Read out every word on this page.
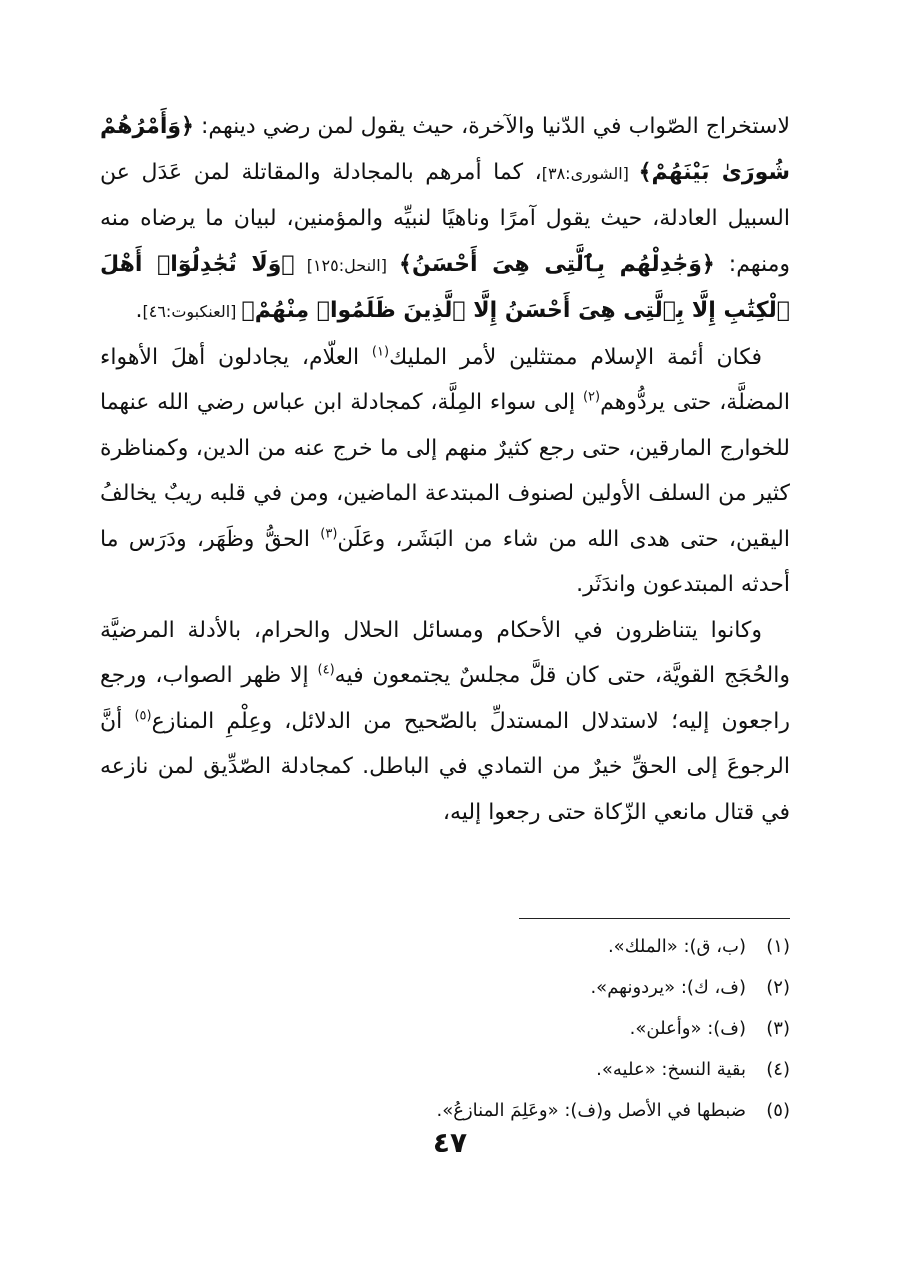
لاستخراج الصّواب في الدّنيا والآخرة، حيث يقول لمن رضي دينهم: ﴿وَأَمْرُهُمْ شُورَىٰ بَيْنَهُمْ﴾ [الشورى:٣٨]، كما أمرهم بالمجادلة والمقاتلة لمن عَدَل عن السبيل العادلة، حيث يقول آمرًا وناهيًا لنبيِّه والمؤمنين، لبيان ما يرضاه منه ومنهم: ﴿وَجَٰدِلْهُم بِٱلَّتِى هِىَ أَحْسَنُ﴾ [النحل:١٢٥] ﴿وَلَا تُجَٰدِلُوٓا۟ أَهْلَ ٱلْكِتَٰبِ إِلَّا بِٱلَّتِى هِىَ أَحْسَنُ إِلَّا ٱلَّذِينَ ظَلَمُوا۟ مِنْهُمْ﴾ [العنكبوت:٤٦].

فكان أئمة الإسلام ممتثلين لأمر المليك$^{(١)}$ العلّام، يجادلون أهلَ الأهواء المضلَّة، حتى يردُّوهم$^{(٢)}$ إلى سواء المِلَّة، كمجادلة ابن عباس رضي الله عنهما للخوارج المارقين، حتى رجع كثيرٌ منهم إلى ما خرج عنه من الدين، وكمناظرة كثير من السلف الأولين لصنوف المبتدعة الماضين، ومن في قلبه ريبٌ يخالفُ اليقين، حتى هدى الله من شاء من البَشَر، وعَلَن$^{(٣)}$ الحقُّ وظَهَر، ودَرَس ما أحدثه المبتدعون واندَثَر.

وكانوا يتناظرون في الأحكام ومسائل الحلال والحرام، بالأدلة المرضيَّة والحُجَج القويَّة، حتى كان قلَّ مجلسٌ يجتمعون فيه$^{(٤)}$ إلا ظهر الصواب، ورجع راجعون إليه؛ لاستدلال المستدلِّ بالصّحيح من الدلائل، وعِلْمِ المنازع$^{(٥)}$ أنَّ الرجوعَ إلى الحقِّ خيرٌ من التمادي في الباطل. كمجادلة الصّدِّيق لمن نازعه في قتال مانعي الزّكاة حتى رجعوا إليه،

(١)(ب، ق): «الملك».

(٢)(ف، ك): «يردونهم».

(٣)(ف): «وأعلن».

(٤)بقية النسخ: «عليه».

(٥)ضبطها في الأصل و(ف): «وعَلِمَ المنازعُ».

٤٧
